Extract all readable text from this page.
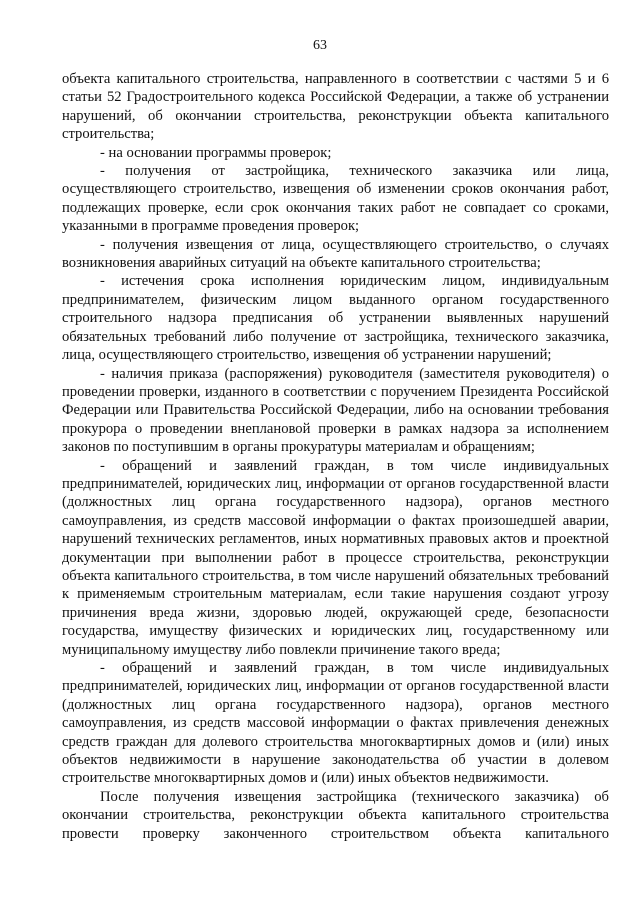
63

объекта капитального строительства, направленного в соответствии с частями 5 и 6 статьи 52 Градостроительного кодекса Российской Федерации, а также об устранении нарушений, об окончании строительства, реконструкции объекта капитального строительства;

- на основании программы проверок;

- получения от застройщика, технического заказчика или лица, осуществляющего строительство, извещения об изменении сроков окончания работ, подлежащих проверке, если срок окончания таких работ не совпадает со сроками, указанными в программе проведения проверок;

- получения извещения от лица, осуществляющего строительство, о случаях возникновения аварийных ситуаций на объекте капитального строительства;

- истечения срока исполнения юридическим лицом, индивидуальным предпринимателем, физическим лицом выданного органом государственного строительного надзора предписания об устранении выявленных нарушений обязательных требований либо получение от застройщика, технического заказчика, лица, осуществляющего строительство, извещения об устранении нарушений;

- наличия приказа (распоряжения) руководителя (заместителя руководителя) о проведении проверки, изданного в соответствии с поручением Президента Российской Федерации или Правительства Российской Федерации, либо на основании требования прокурора о проведении внеплановой проверки в рамках надзора за исполнением законов по поступившим в органы прокуратуры материалам и обращениям;

- обращений и заявлений граждан, в том числе индивидуальных предпринимателей, юридических лиц, информации от органов государственной власти (должностных лиц органа государственного надзора), органов местного самоуправления, из средств массовой информации о фактах произошедшей аварии, нарушений технических регламентов, иных нормативных правовых актов и проектной документации при выполнении работ в процессе строительства, реконструкции объекта капитального строительства, в том числе нарушений обязательных требований к применяемым строительным материалам, если такие нарушения создают угрозу причинения вреда жизни, здоровью людей, окружающей среде, безопасности государства, имуществу физических и юридических лиц, государственному или муниципальному имуществу либо повлекли причинение такого вреда;

- обращений и заявлений граждан, в том числе индивидуальных предпринимателей, юридических лиц, информации от органов государственной власти (должностных лиц органа государственного надзора), органов местного самоуправления, из средств массовой информации о фактах привлечения денежных средств граждан для долевого строительства многоквартирных домов и (или) иных объектов недвижимости в нарушение законодательства об участии в долевом строительстве многоквартирных домов и (или) иных объектов недвижимости.

После получения извещения застройщика (технического заказчика) об окончании строительства, реконструкции объекта капитального строительства провести проверку законченного строительством объекта капитального
